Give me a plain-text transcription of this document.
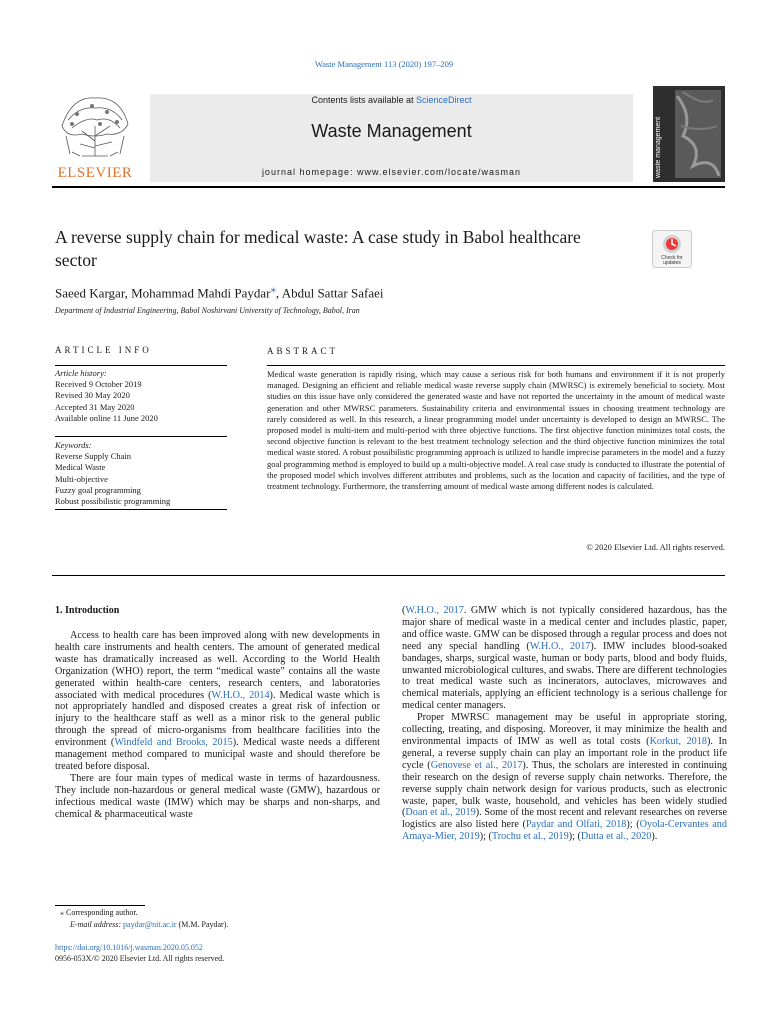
Waste Management 113 (2020) 197–209
ELSEVIER
Contents lists available at ScienceDirect
Waste Management
journal homepage: www.elsevier.com/locate/wasman	waste management
A reverse supply chain for medical waste: A case study in Babol healthcare sector	Check for updates
Saeed Kargar, Mohammad Mahdi Paydar⁎, Abdul Sattar Safaei
Department of Industrial Engineering, Babol Noshirvani University of Technology, Babol, Iran
ARTICLE INFO	ABSTRACT
Article history:
Received 9 October 2019
Revised 30 May 2020
Accepted 31 May 2020
Available online 11 June 2020
Keywords:
Reverse Supply Chain
Medical Waste
Multi-objective
Fuzzy goal programming
Robust possibilistic programming
Medical waste generation is rapidly rising, which may cause a serious risk for both humans and environment if it is not properly managed. Designing an efficient and reliable medical waste reverse supply chain (MWRSC) is extremely beneficial to society. Most studies on this issue have only considered the generated waste and have not reported the uncertainty in the amount of medical waste generation and other MWRSC parameters. Sustainability criteria and environmental issues in choosing treatment technology are rarely considered as well. In this research, a linear programming model under uncertainty is developed to design an MWRSC. The proposed model is multi-item and multi-period with three objective functions. The first objective function minimizes total costs, the second objective function is relevant to the best treatment technology selection and the third objective function minimizes the total medical waste stored. A robust possibilistic programming approach is utilized to handle imprecise parameters in the model and a fuzzy goal programming method is employed to build up a multi-objective model. A real case study is conducted to illustrate the potential of the proposed model which involves different attributes and problems, such as the location and capacity of facilities, and the type of treatment technology. Furthermore, the transferring amount of medical waste among different nodes is calculated.
© 2020 Elsevier Ltd. All rights reserved.
1. Introduction

Access to health care has been improved along with new developments in health care instruments and health centers. The amount of generated medical waste has dramatically increased as well. According to the World Health Organization (WHO) report, the term “medical waste” contains all the waste generated within health-care centers, research centers, and laboratories associated with medical procedures (W.H.O., 2014). Medical waste which is not appropriately handled and disposed creates a great risk of infection or injury to the healthcare staff as well as a minor risk to the general public through the spread of micro-organisms from healthcare facilities into the environment (Windfeld and Brooks, 2015). Medical waste needs a different management method compared to municipal waste and should therefore be treated before disposal.

There are four main types of medical waste in terms of hazardousness. They include non-hazardous or general medical waste (GMW), hazardous or infectious medical waste (IMW) which may be sharps and non-sharps, and chemical & pharmaceutical waste

(W.H.O., 2017. GMW which is not typically considered hazardous, has the major share of medical waste in a medical center and includes plastic, paper, and office waste. GMW can be disposed through a regular process and does not need any special handling (W.H.O., 2017). IMW includes blood-soaked bandages, sharps, surgical waste, human or body parts, blood and body fluids, unwanted microbiological cultures, and swabs. There are different technologies to treat medical waste such as incinerators, autoclaves, microwaves and chemical materials, applying an efficient technology is a serious challenge for medical center managers.

Proper MWRSC management may be useful in appropriate storing, collecting, treating, and disposing. Moreover, it may minimize the health and environmental impacts of IMW as well as total costs (Korkut, 2018). In general, a reverse supply chain can play an important role in the product life cycle (Genovese et al., 2017). Thus, the scholars are interested in continuing their research on the design of reverse supply chain networks. Therefore, the reverse supply chain network design for various products, such as electronic waste, paper, bulk waste, household, and vehicles has been widely studied (Doan et al., 2019). Some of the most recent and relevant researches on reverse logistics are also listed here (Paydar and Olfati, 2018); (Oyola-Cervantes and Amaya-Mier, 2019); (Trochu et al., 2019); (Dutta et al., 2020).

⁎ Corresponding author.
E-mail address: paydar@nit.ac.ir (M.M. Paydar).
https://doi.org/10.1016/j.wasman.2020.05.052
0956-053X/© 2020 Elsevier Ltd. All rights reserved.
